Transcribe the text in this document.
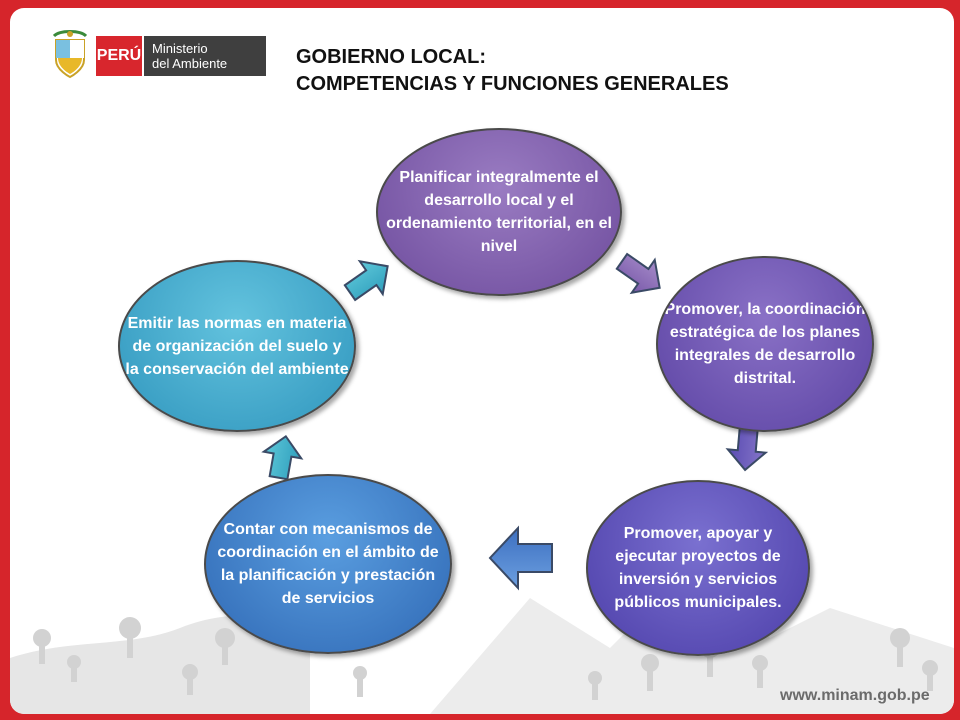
PERÚ Ministerio
del Ambiente	GOBIERNO LOCAL:
COMPETENCIAS Y FUNCIONES GENERALES
Planificar integralmente el desarrollo local y el ordenamiento territorial, en el nivel
Promover, la coordinación estratégica de los planes integrales de desarrollo distrital.
Promover, apoyar y ejecutar proyectos de inversión y servicios públicos municipales.
Contar con mecanismos de coordinación en el ámbito de la planificación y prestación de servicios
Emitir las normas en materia de organización del suelo y la conservación del ambiente
www.minam.gob.pe
